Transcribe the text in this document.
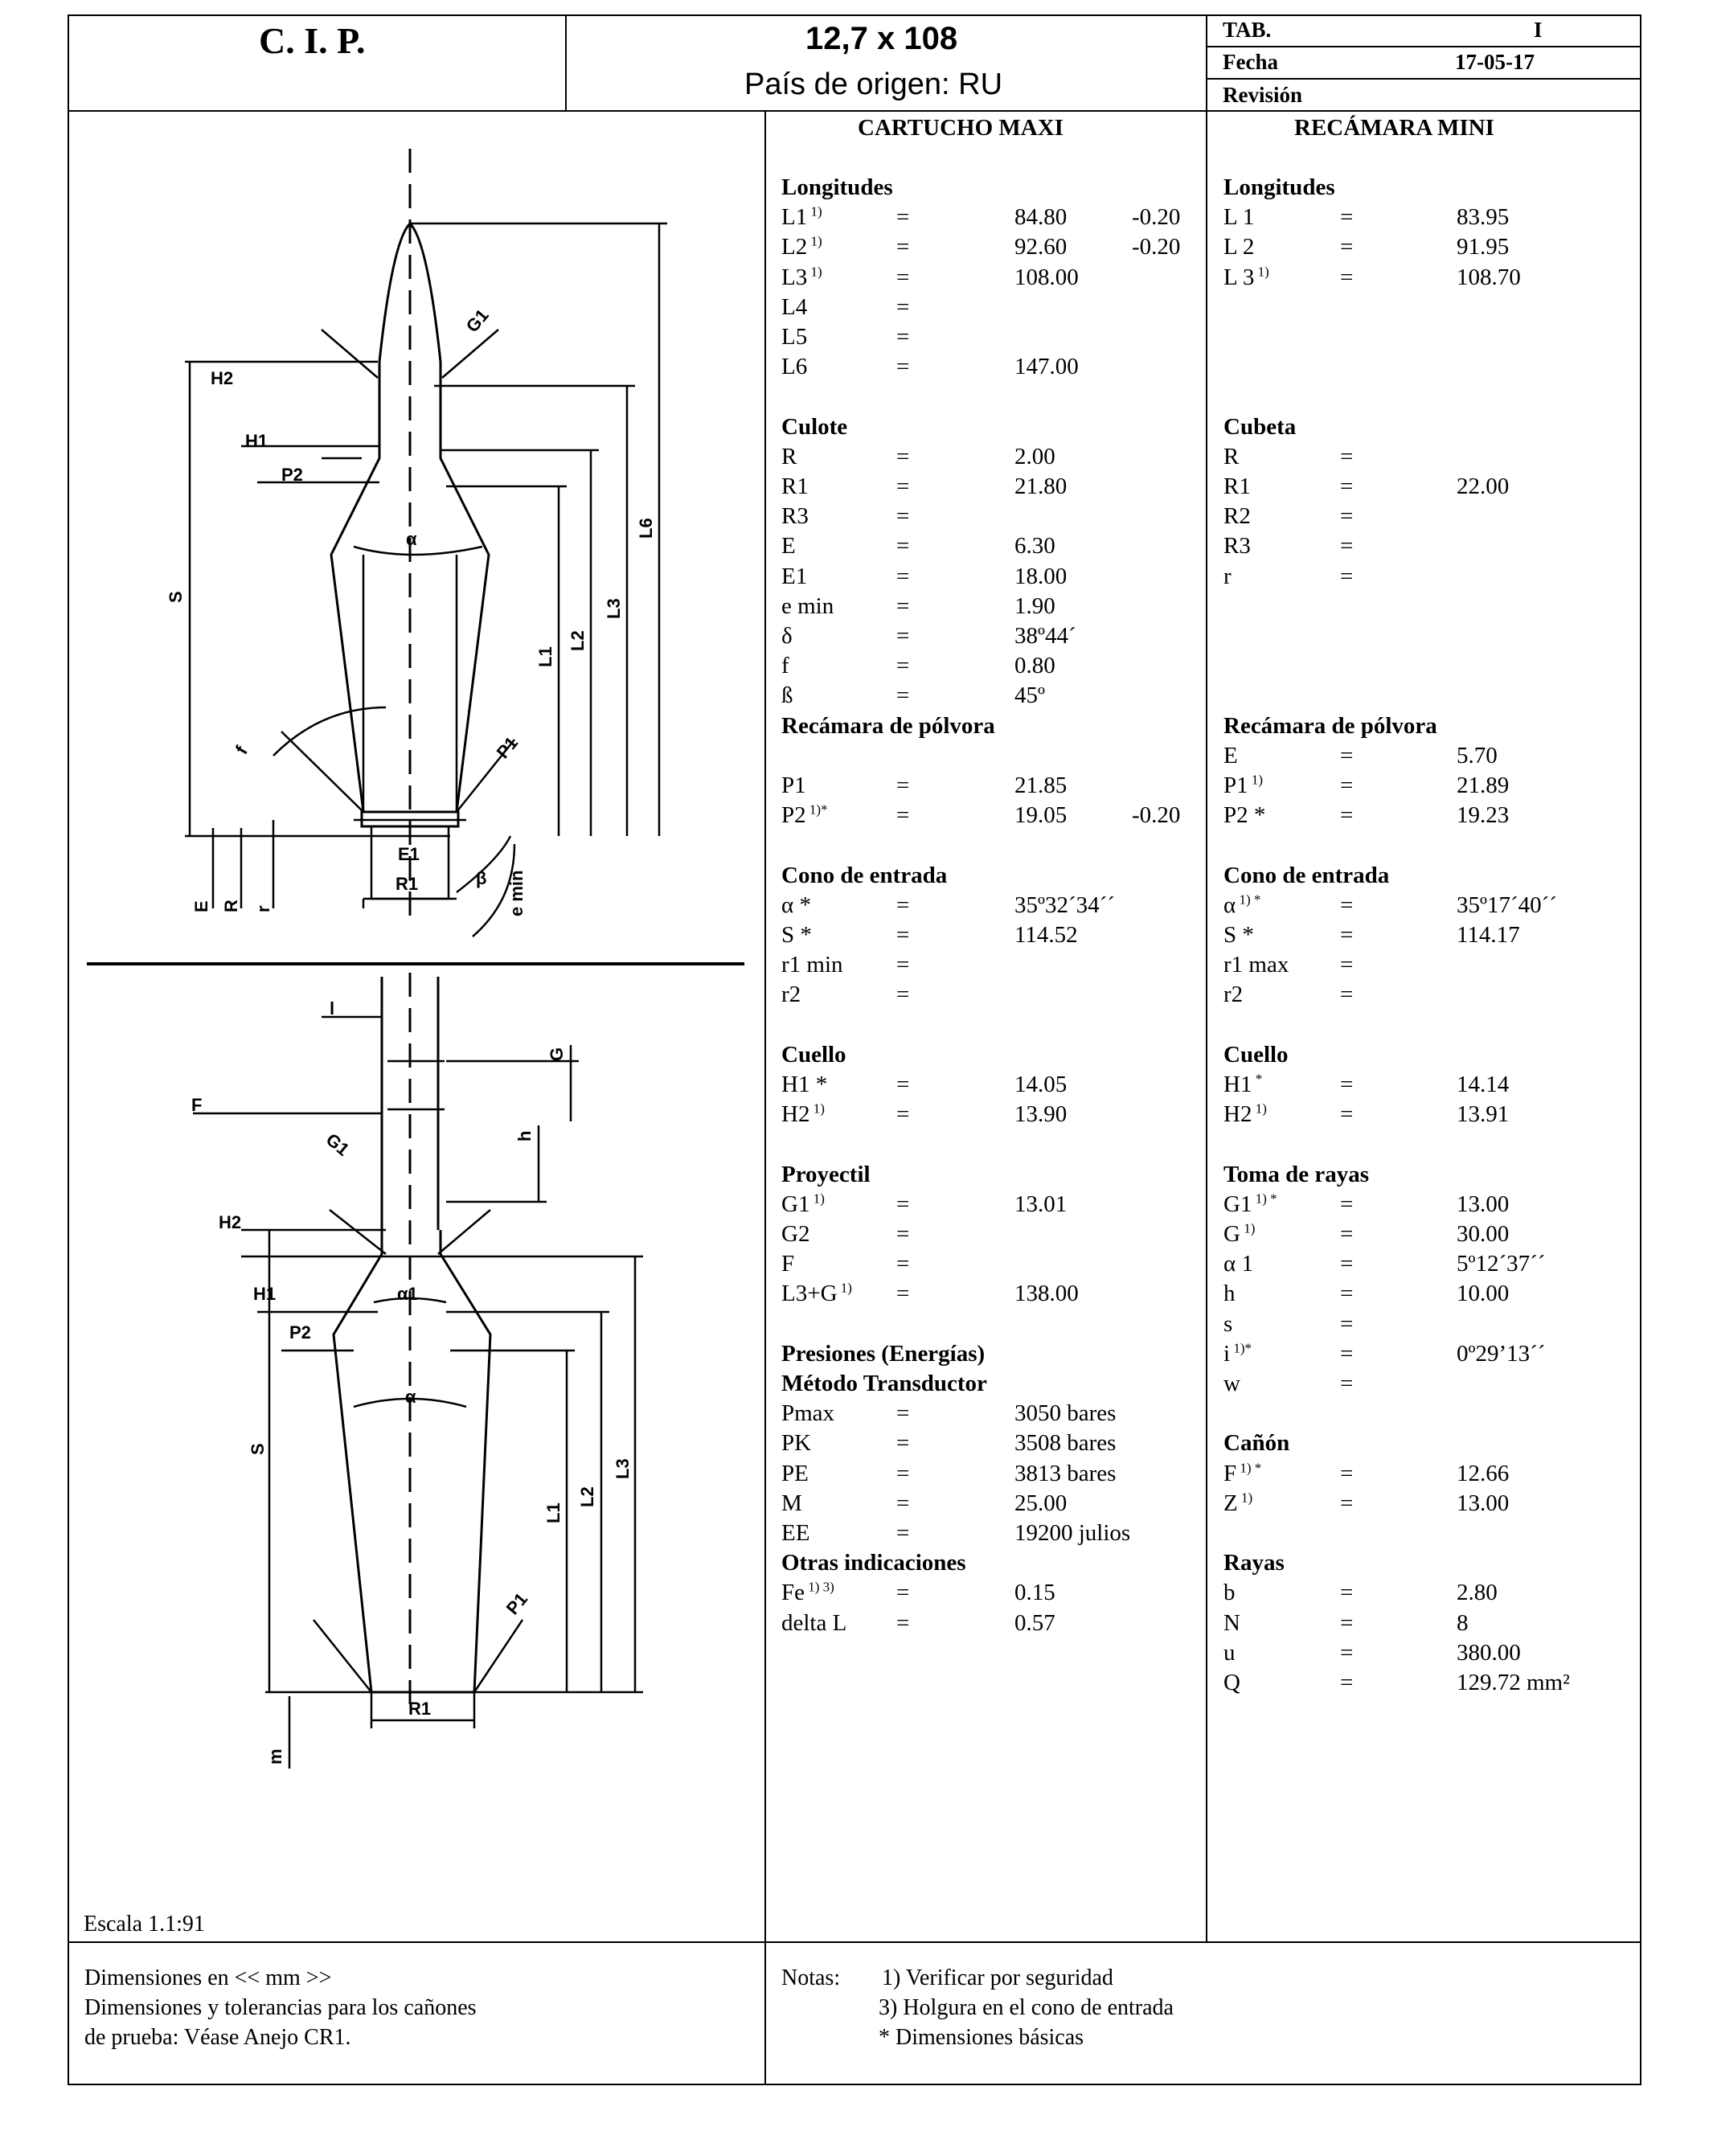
C. I. P.	12,7 x 108
País de origen: RU
TAB.	I
Fecha	17-05-17
Revisión
CARTUCHO MAXI	RECÁMARA MINI
Longitudes
L1 $^{1)}$	=	84.80	-0.20
L2 $^{1)}$	=	92.60	-0.20
L3 $^{1)}$	=	108.00
L4	=
L5	=
L6	=	147.00
Culote
R	=	2.00
R1	=	21.80
R3	=
E	=	6.30
E1	=	18.00
e min	=	1.90
δ	=	38º44´
f	=	0.80
ß	=	45º
Recámara de pólvora
P1	=	21.85
P2 $^{1)*}$	=	19.05	-0.20
Cono de entrada
α *	=	35º32´34´´
S *	=	114.52
r1 min =
r2	=
Cuello
H1 *	=	14.05
H2 $^{1)}$	=	13.90
Proyectil
G1 $^{1)}$	=	13.01
G2	=
F	=
L3+G $^{1)}$ =	138.00
Presiones (Energías)
Método Transductor
Pmax	=	3050 bares
PK	=	3508 bares
PE	=	3813 bares
M	=	25.00
EE	=	19200 julios
Otras indicaciones
Fe $^{1) 3)}$	=	0.15
delta L =	0.57
Longitudes
L 1	=	83.95
L 2	=	91.95
L 3 $^{1)}$	=	108.70
Cubeta
R	=
R1	=	22.00
R2	=
R3	=
r	=
Recámara de pólvora
E	=	5.70
P1 $^{1)}$	=	21.89
P2 *	=	19.23
Cono de entrada
α $^{1) *}$	=	35º17´40´´
S *	=	114.17
r1 max =
r2	=
Cuello
H1 *	=	14.14
H2 $^{1)}$	=	13.91
Toma de rayas
G1 $^{1) *}$	=	13.00
G $^{1)}$	=	30.00
α 1	=	5º12´37´´
h	=	10.00
s	=
i $^{1)*}$	=	0º29’13´´
w	=
Cañón
F $^{1) *}$	=	12.66
Z $^{1)}$	=	13.00
Rayas
b	=	2.80
N	=	8
u	=	380.00
Q	=	129.72 mm²
H2
H1
P2
S
G1
L1
L2
L3
L6
f	P1
E1
R1	β e min
E R r
α
l
G
F
G1	h
H2
H1	α1
P2
α
S
L1
L2
L3
P1
R1
m
Escala 1.1:91
Dimensiones en << mm >>
Dimensiones y tolerancias para los cañones
de prueba: Véase Anejo CR1.
Notas: 1) Verificar por seguridad
3) Holgura en el cono de entrada
* Dimensiones básicas
